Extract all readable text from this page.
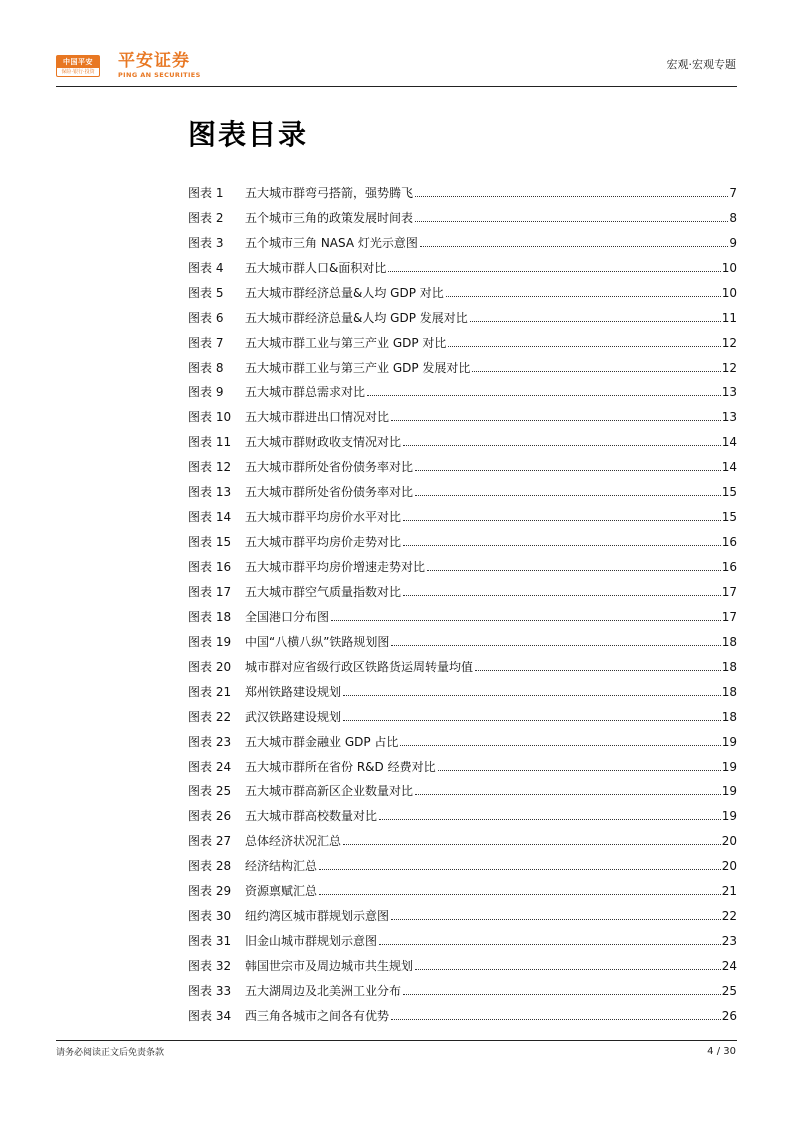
中国平安
保险·银行·投资
平安证券
PING AN SECURITIES
宏观·宏观专题
图表目录
图表 1	五大城市群弯弓搭箭，强势腾飞	7
图表 2	五个城市三角的政策发展时间表	8
图表 3	五个城市三角 NASA 灯光示意图	9
图表 4	五大城市群人口&面积对比	10
图表 5	五大城市群经济总量&人均 GDP 对比	10
图表 6	五大城市群经济总量&人均 GDP 发展对比	11
图表 7	五大城市群工业与第三产业 GDP 对比	12
图表 8	五大城市群工业与第三产业 GDP 发展对比	12
图表 9	五大城市群总需求对比	13
图表 10	五大城市群进出口情况对比	13
图表 11	五大城市群财政收支情况对比	14
图表 12	五大城市群所处省份债务率对比	14
图表 13	五大城市群所处省份债务率对比	15
图表 14	五大城市群平均房价水平对比	15
图表 15	五大城市群平均房价走势对比	16
图表 16	五大城市群平均房价增速走势对比	16
图表 17	五大城市群空气质量指数对比	17
图表 18	全国港口分布图	17
图表 19	中国“八横八纵”铁路规划图	18
图表 20	城市群对应省级行政区铁路货运周转量均值	18
图表 21	郑州铁路建设规划	18
图表 22	武汉铁路建设规划	18
图表 23	五大城市群金融业 GDP 占比	19
图表 24	五大城市群所在省份 R&D 经费对比	19
图表 25	五大城市群高新区企业数量对比	19
图表 26	五大城市群高校数量对比	19
图表 27	总体经济状况汇总	20
图表 28	经济结构汇总	20
图表 29	资源禀赋汇总	21
图表 30	纽约湾区城市群规划示意图	22
图表 31	旧金山城市群规划示意图	23
图表 32	韩国世宗市及周边城市共生规划	24
图表 33	五大湖周边及北美洲工业分布	25
图表 34	西三角各城市之间各有优势	26
请务必阅读正文后免责条款	4 / 30
